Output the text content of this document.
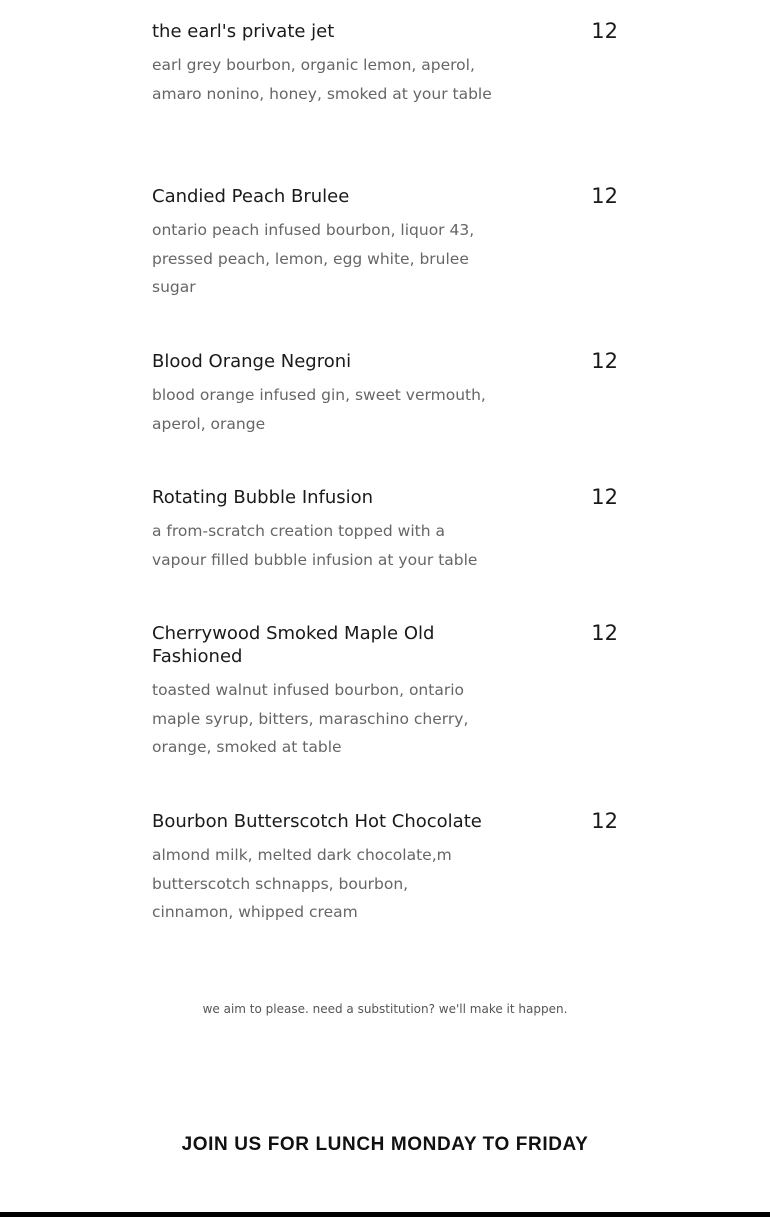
the earl's private jet	12
earl grey bourbon, organic lemon, aperol, amaro nonino, honey, smoked at your table
Candied Peach Brulee	12
ontario peach infused bourbon, liquor 43, pressed peach, lemon, egg white, brulee sugar
Blood Orange Negroni	12
blood orange infused gin, sweet vermouth, aperol, orange
Rotating Bubble Infusion	12
a from-scratch creation topped with a vapour filled bubble infusion at your table
Cherrywood Smoked Maple Old Fashioned
12
toasted walnut infused bourbon, ontario maple syrup, bitters, maraschino cherry, orange, smoked at table
Bourbon Butterscotch Hot Chocolate	12
almond milk, melted dark chocolate,m butterscotch schnapps, bourbon, cinnamon, whipped cream
we aim to please. need a substitution? we'll make it happen.
JOIN US FOR LUNCH MONDAY TO FRIDAY
